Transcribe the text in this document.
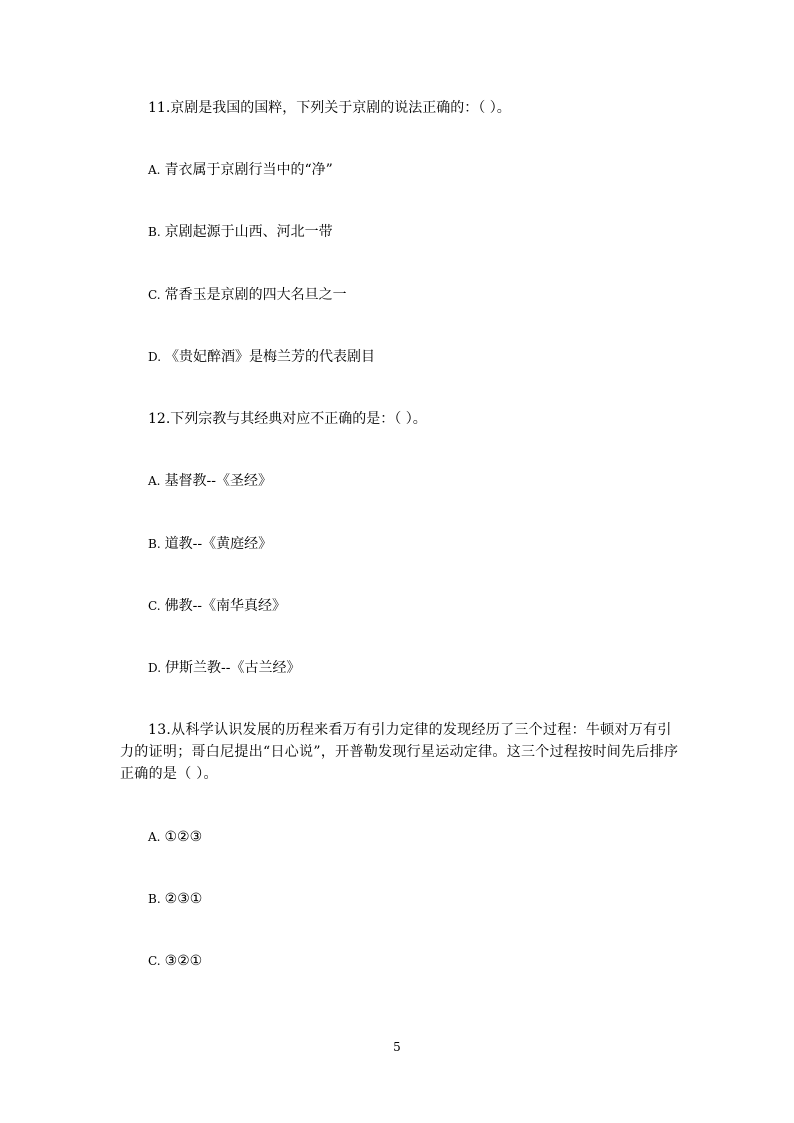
11.京剧是我国的国粹，下列关于京剧的说法正确的：（ ）。
A. 青衣属于京剧行当中的“净”
B. 京剧起源于山西、河北一带
C. 常香玉是京剧的四大名旦之一
D. 《贵妃醉酒》是梅兰芳的代表剧目
12.下列宗教与其经典对应不正确的是：（ ）。
A. 基督教--《圣经》
B. 道教--《黄庭经》
C. 佛教--《南华真经》
D. 伊斯兰教--《古兰经》
13.从科学认识发展的历程来看万有引力定律的发现经历了三个过程：牛顿对万有引力的证明；哥白尼提出“日心说”，开普勒发现行星运动定律。这三个过程按时间先后排序正确的是（ ）。
A. ①②③
B. ②③①
C. ③②①
5
